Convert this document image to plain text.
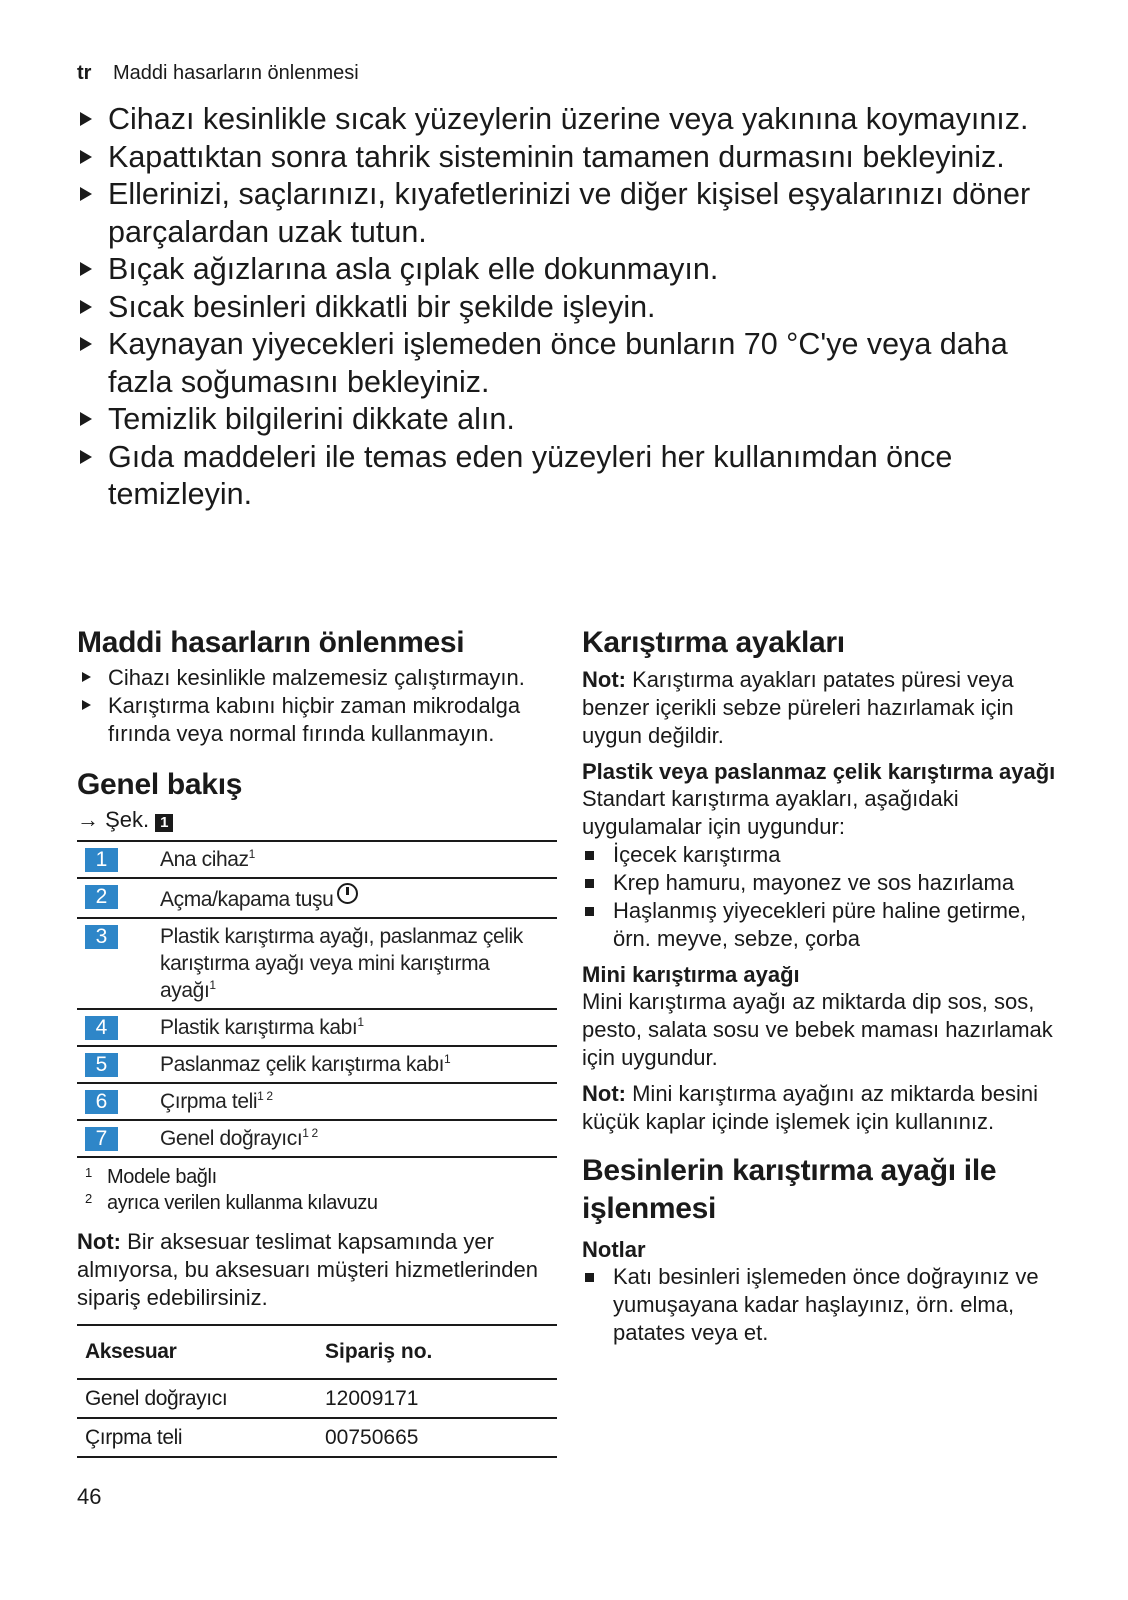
tr Maddi hasarların önlenmesi
Cihazı kesinlikle sıcak yüzeylerin üzerine veya yakınına koymayınız.
Kapattıktan sonra tahrik sisteminin tamamen durmasını bekleyiniz.
Ellerinizi, saçlarınızı, kıyafetlerinizi ve diğer kişisel eşyalarınızı döner parçalardan uzak tutun.
Bıçak ağızlarına asla çıplak elle dokunmayın.
Sıcak besinleri dikkatli bir şekilde işleyin.
Kaynayan yiyecekleri işlemeden önce bunların 70 °C'ye veya daha fazla soğumasını bekleyiniz.
Temizlik bilgilerini dikkate alın.
Gıda maddeleri ile temas eden yüzeyleri her kullanımdan önce temizleyin.
Maddi hasarların önlenmesi
Cihazı kesinlikle malzemesiz çalıştırmayın.
Karıştırma kabını hiçbir zaman mikrodalga fırında veya normal fırında kullanmayın.
Genel bakış
→ Şek. 1
1	Ana cihaz$^1$
2	Açma/kapama tuşu
3	Plastik karıştırma ayağı, paslanmaz çelik karıştırma ayağı veya mini karıştırma ayağı$^1$
4	Plastik karıştırma kabı$^1$
5	Paslanmaz çelik karıştırma kabı$^1$
6	Çırpma teli$^{1 2}$
7	Genel doğrayıcı$^{1 2}$
1 Modele bağlı
2 ayrıca verilen kullanma kılavuzu
Not: Bir aksesuar teslimat kapsamında yer almıyorsa, bu aksesuarı müşteri hizmetlerinden sipariş edebilirsiniz.
Aksesuar	Sipariş no.
Genel doğrayıcı	12009171
Çırpma teli	00750665
Karıştırma ayakları
Not: Karıştırma ayakları patates püresi veya benzer içerikli sebze püreleri hazırlamak için uygun değildir.
Plastik veya paslanmaz çelik karıştırma ayağı
Standart karıştırma ayakları, aşağıdaki uygulamalar için uygundur:
İçecek karıştırma
Krep hamuru, mayonez ve sos hazırlama
Haşlanmış yiyecekleri püre haline getirme, örn. meyve, sebze, çorba
Mini karıştırma ayağı
Mini karıştırma ayağı az miktarda dip sos, sos, pesto, salata sosu ve bebek maması hazırlamak için uygundur.
Not: Mini karıştırma ayağını az miktarda besini küçük kaplar içinde işlemek için kullanınız.
Besinlerin karıştırma ayağı ile işlenmesi
Notlar
Katı besinleri işlemeden önce doğrayınız ve yumuşayana kadar haşlayınız, örn. elma, patates veya et.
46
